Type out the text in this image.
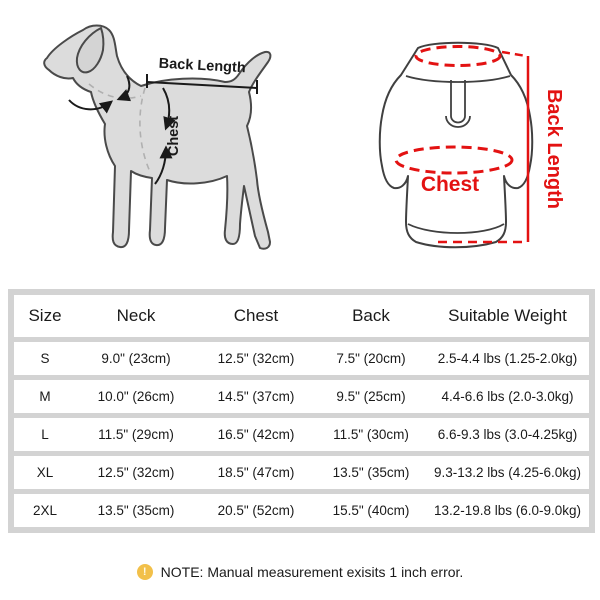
Back Length
Chest
Chest	Back Length
Size	Neck	Chest	Back	Suitable Weight
S	9.0" (23cm)	12.5" (32cm)	7.5" (20cm)	2.5-4.4 lbs (1.25-2.0kg)
M	10.0" (26cm)	14.5" (37cm)	9.5" (25cm)	4.4-6.6 lbs (2.0-3.0kg)
L	11.5" (29cm)	16.5" (42cm)	11.5" (30cm)	6.6-9.3 lbs (3.0-4.25kg)
XL	12.5" (32cm)	18.5" (47cm)	13.5" (35cm)	9.3-13.2 lbs (4.25-6.0kg)
2XL	13.5" (35cm)	20.5" (52cm)	15.5" (40cm)	13.2-19.8 lbs (6.0-9.0kg)
!	NOTE: Manual measurement exisits 1 inch error.
